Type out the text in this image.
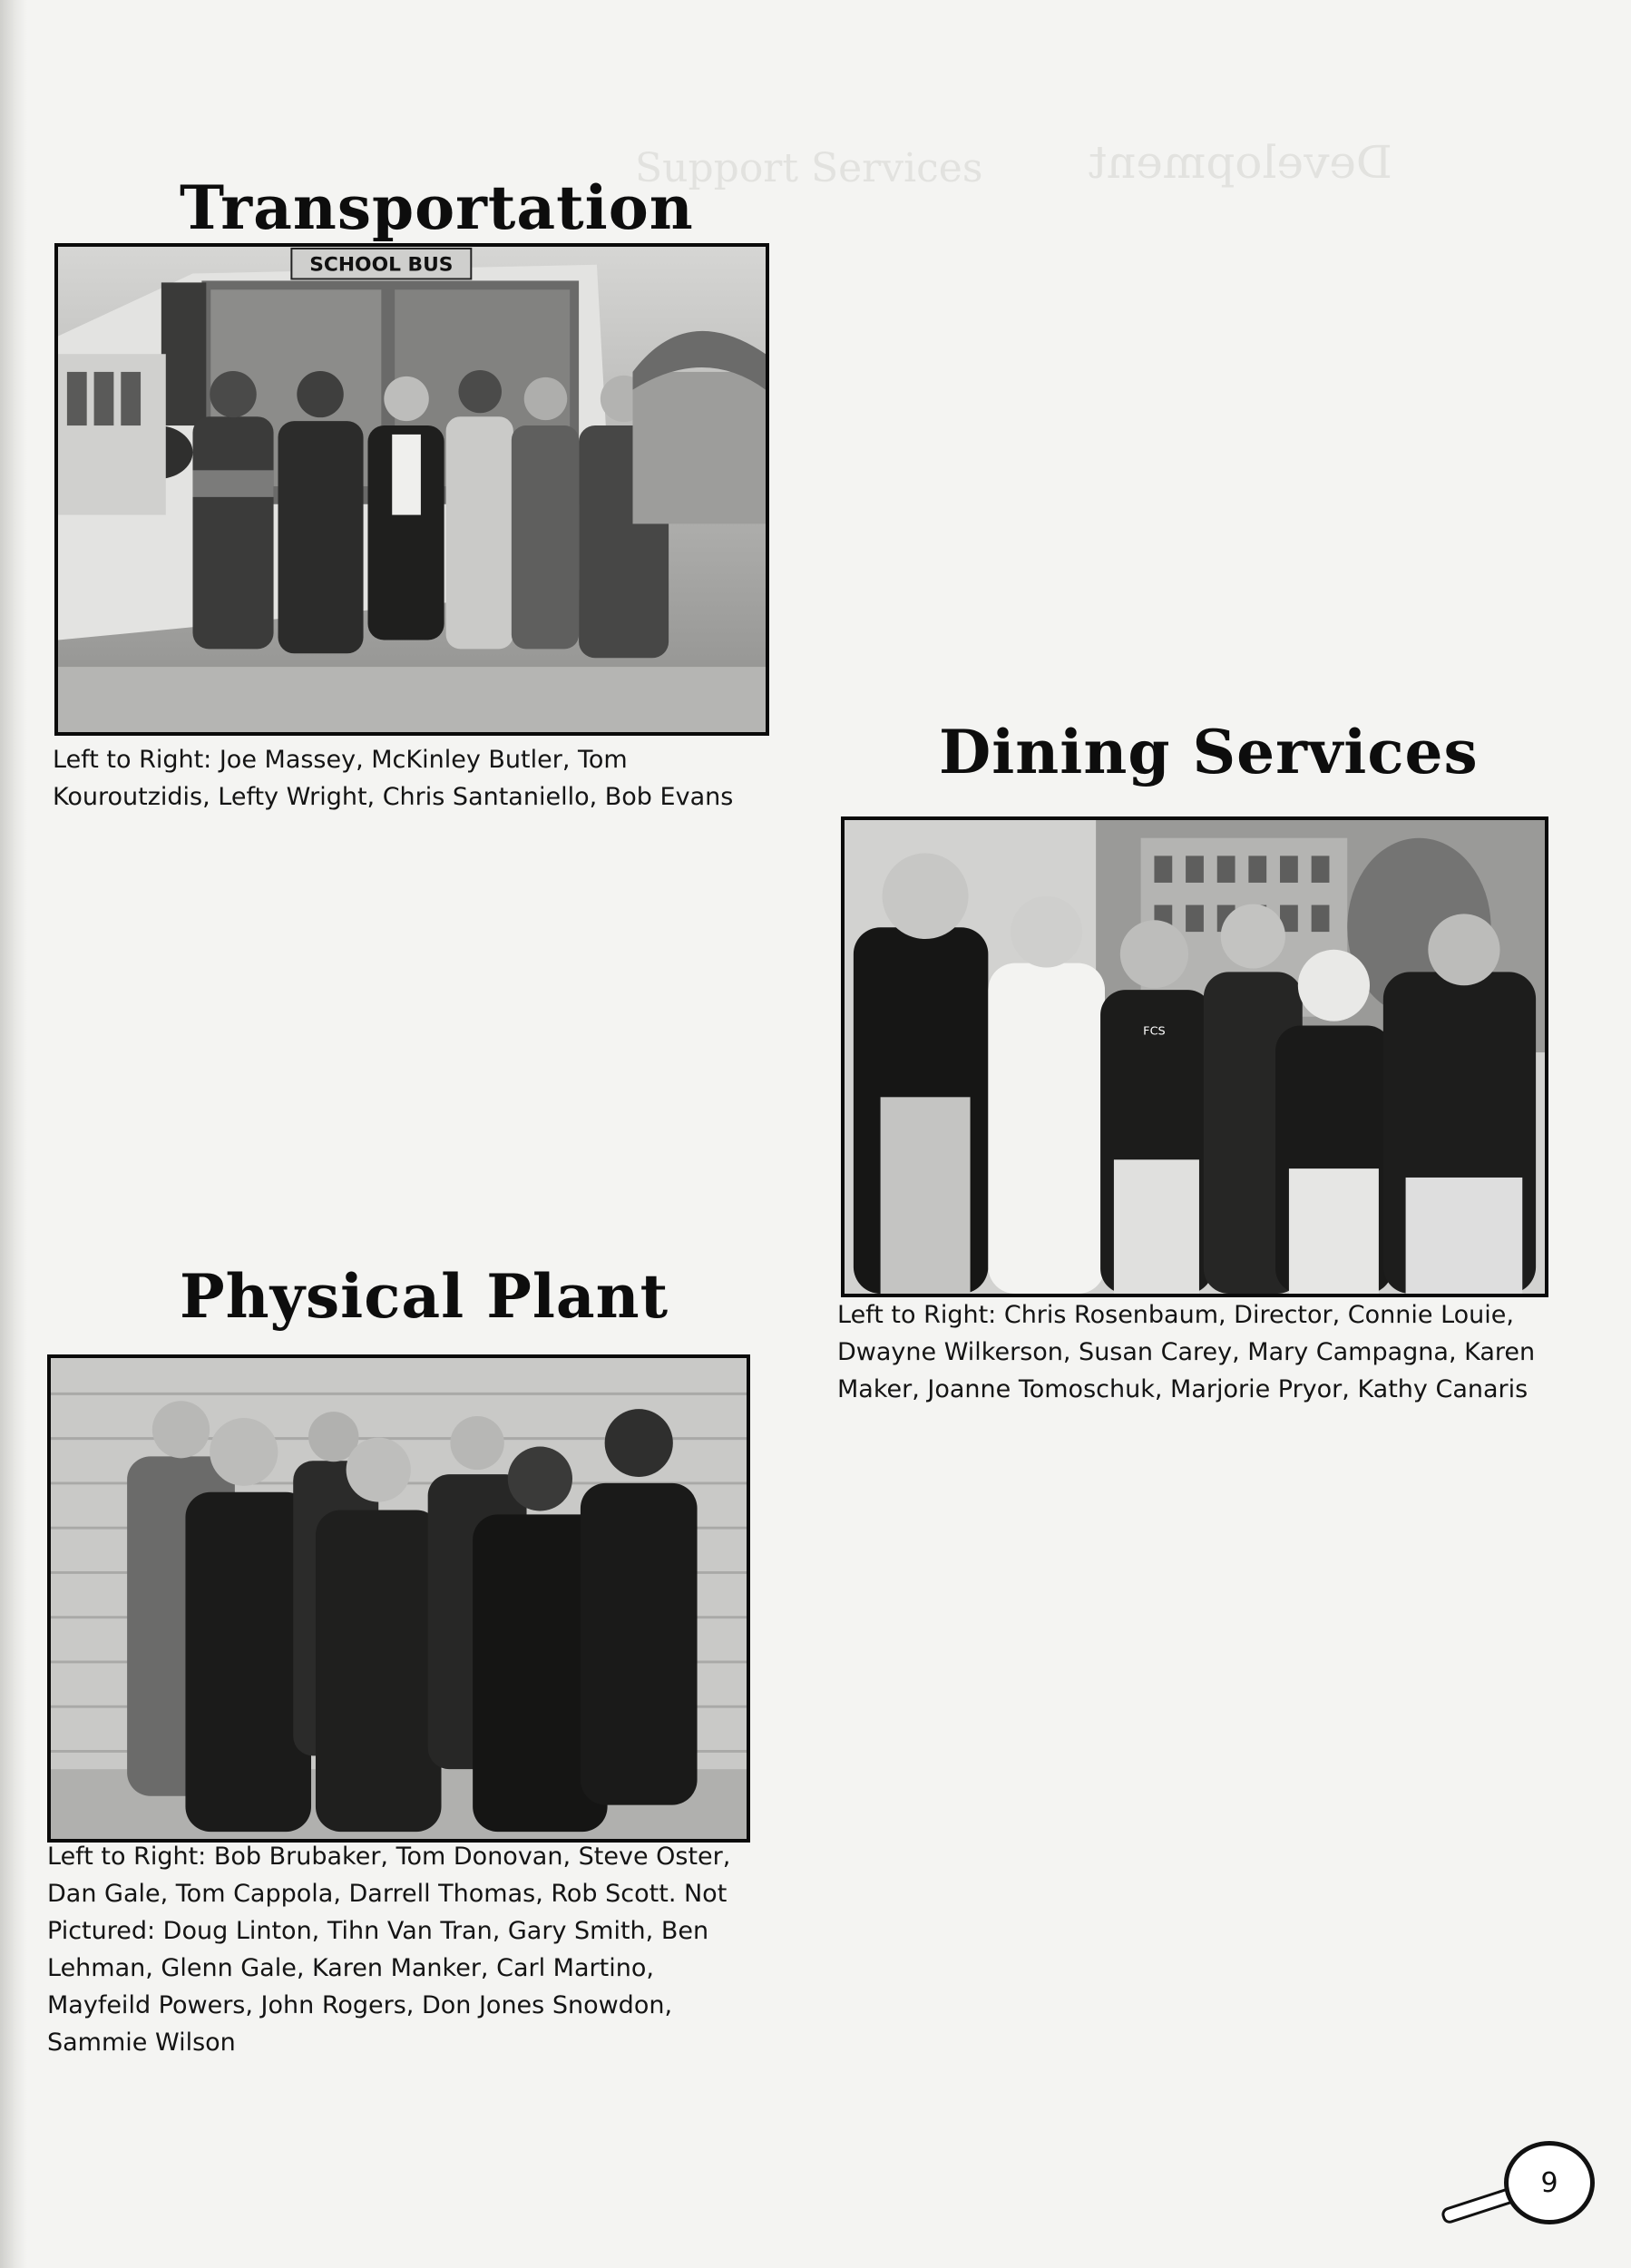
Support Services Development
Transportation
SCHOOL BUS

Left to Right: Joe Massey, McKinley Butler, Tom Kouroutzidis, Lefty Wright, Chris Santaniello, Bob Evans

Dining Services
FCS

Left to Right: Chris Rosenbaum, Director, Connie Louie, Dwayne Wilkerson, Susan Carey, Mary Campagna, Karen Maker, Joanne Tomoschuk, Marjorie Pryor, Kathy Canaris

Physical Plant

Left to Right: Bob Brubaker, Tom Donovan, Steve Oster, Dan Gale, Tom Cappola, Darrell Thomas, Rob Scott. Not Pictured: Doug Linton, Tihn Van Tran, Gary Smith, Ben Lehman, Glenn Gale, Karen Manker, Carl Martino, Mayfeild Powers, John Rogers, Don Jones Snowdon, Sammie Wilson

9
